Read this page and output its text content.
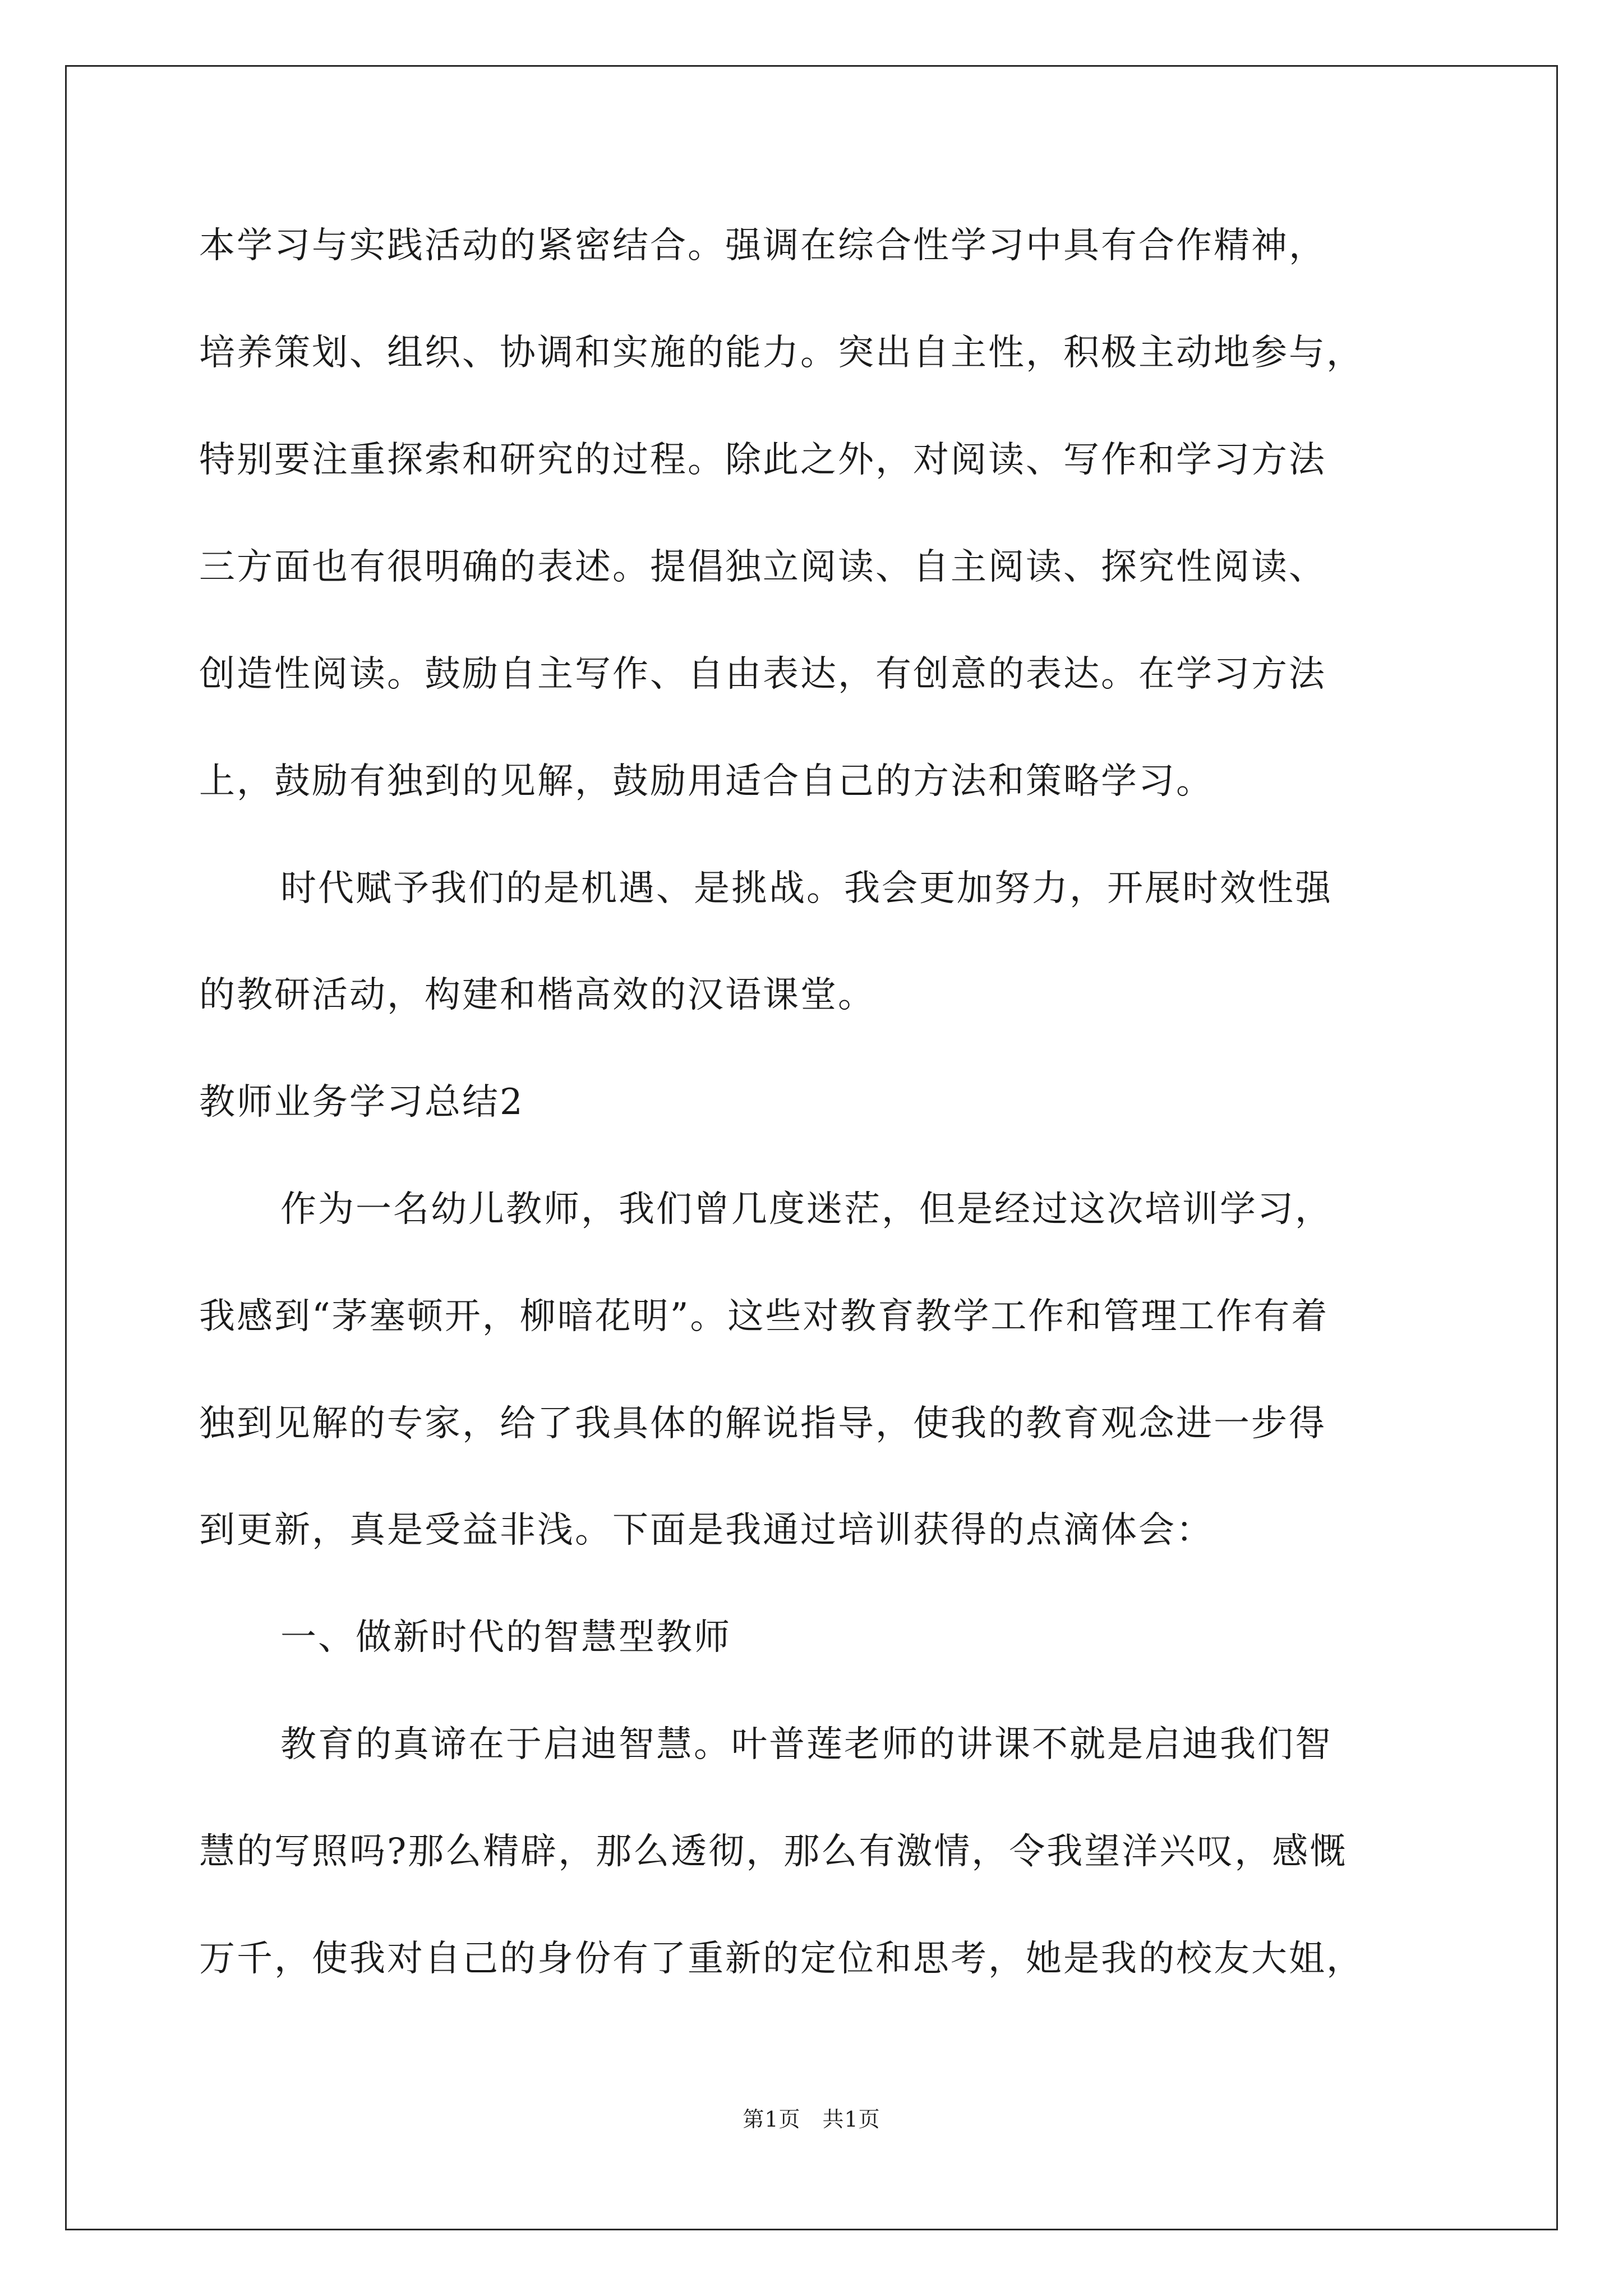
本学习与实践活动的紧密结合。强调在综合性学习中具有合作精神，
培养策划、组织、协调和实施的能力。突出自主性，积极主动地参与，
特别要注重探索和研究的过程。除此之外，对阅读、写作和学习方法
三方面也有很明确的表述。提倡独立阅读、自主阅读、探究性阅读、
创造性阅读。鼓励自主写作、自由表达，有创意的表达。在学习方法
上，鼓励有独到的见解，鼓励用适合自己的方法和策略学习。
时代赋予我们的是机遇、是挑战。我会更加努力，开展时效性强
的教研活动，构建和楷高效的汉语课堂。
教师业务学习总结2
作为一名幼儿教师，我们曾几度迷茫，但是经过这次培训学习，
我感到“茅塞顿开，柳暗花明”。这些对教育教学工作和管理工作有着
独到见解的专家，给了我具体的解说指导，使我的教育观念进一步得
到更新，真是受益非浅。下面是我通过培训获得的点滴体会：
一、做新时代的智慧型教师
教育的真谛在于启迪智慧。叶普莲老师的讲课不就是启迪我们智
慧的写照吗?那么精辟，那么透彻，那么有激情，令我望洋兴叹，感慨
万千，使我对自己的身份有了重新的定位和思考，她是我的校友大姐，
第1页　共1页
